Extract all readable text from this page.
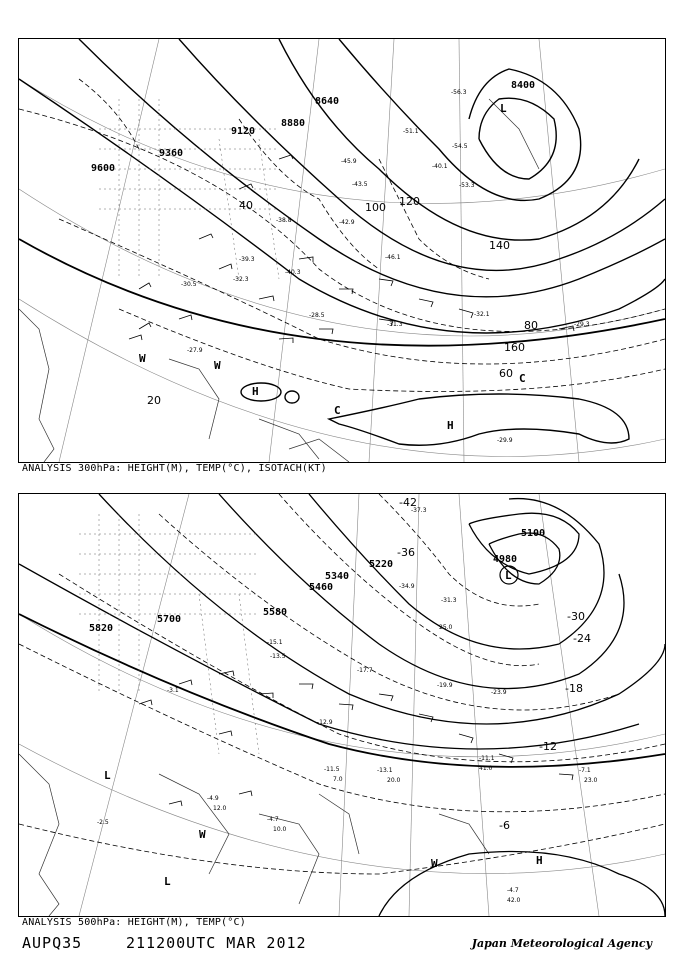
9600
9360
9120
8880
8640
8400
20
40
60
80
100 120
140
160
H
H
L
W
W
C
C
-29.3
-29.9
-28.5
-31.3
-32.1
-42.9
-43.5
-45.9
-51.1
-54.5
-53.3
-56.3
-40.1
-30.5
-27.9
-32.3
-39.3
-38.8
-40.3
-46.1
ANALYSIS 300hPa: HEIGHT(M), TEMP(°C), ISOTACH(KT)
5820
5700
5580
5460
5340
5220
5100
4980
-42
-36
-30
-24
-18
-12
-6
L
L
L
H
W
W
-37.3
-34.9
-31.3
-23.9
-19.9
-17.7
-15.1
-13.5
-12.9
-11.5	-13.1
-11.1
-7.1
-4.9
-4.7
-4.7
-3.1
-2.5
25.0
42.0
23.0
12.0
10.0
41.0
20.0
7.0
ANALYSIS 500hPa: HEIGHT(M), TEMP(°C)
AUPQ35	211200UTC MAR 2012	Japan Meteorological Agency
